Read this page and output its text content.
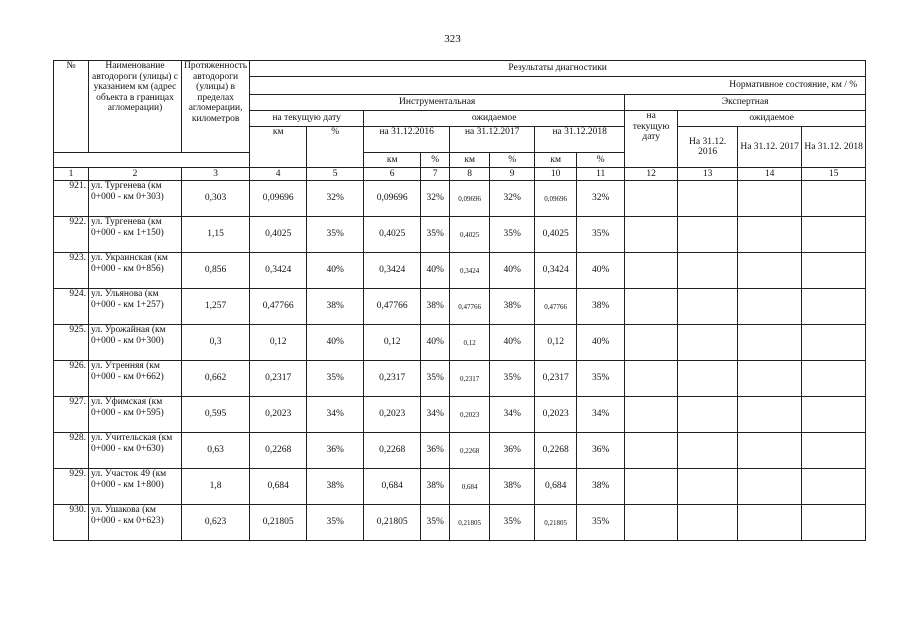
323
№	Наименование автодороги (улицы) с указанием км (адрес объекта в границах агломерации)	Протяженность автодороги (улицы) в пределах агломерации, километров	Результаты диагностики											
			Нормативное состояние, км / %											
			Инструментальная								Экспертная			
			на текущую дату		ожидаемое						на текущую дату	ожидаемое		
			км	%	на 31.12.2016		на 31.12.2017		на 31.12.2018			На 31.12. 2016	На 31.12. 2017	На 31.12. 2018
					км	%	км	%	км	%				
1	2	3	4	5	6	7	8	9	10	11	12	13	14	15
921.	ул. Тургенева (км 0+000 - км 0+303)	0,303	0,09696	32%	0,09696	32%	0,09696	32%	0,09696	32%				
922.	ул. Тургенева (км 0+000 - км 1+150)	1,15	0,4025	35%	0,4025	35%	0,4025	35%	0,4025	35%				
923.	ул. Украинская (км 0+000 - км 0+856)	0,856	0,3424	40%	0,3424	40%	0,3424	40%	0,3424	40%				
924.	ул. Ульянова (км 0+000 - км 1+257)	1,257	0,47766	38%	0,47766	38%	0,47766	38%	0,47766	38%				
925.	ул. Урожайная (км 0+000 - км 0+300)	0,3	0,12	40%	0,12	40%	0,12	40%	0,12	40%				
926.	ул. Утренняя (км 0+000 - км 0+662)	0,662	0,2317	35%	0,2317	35%	0,2317	35%	0,2317	35%				
927.	ул. Уфимская (км 0+000 - км 0+595)	0,595	0,2023	34%	0,2023	34%	0,2023	34%	0,2023	34%				
928.	ул. Учительская (км 0+000 - км 0+630)	0,63	0,2268	36%	0,2268	36%	0,2268	36%	0,2268	36%				
929.	ул. Участок 49 (км 0+000 - км 1+800)	1,8	0,684	38%	0,684	38%	0,684	38%	0,684	38%				
930.	ул. Ушакова (км 0+000 - км 0+623)	0,623	0,21805	35%	0,21805	35%	0,21805	35%	0,21805	35%				
